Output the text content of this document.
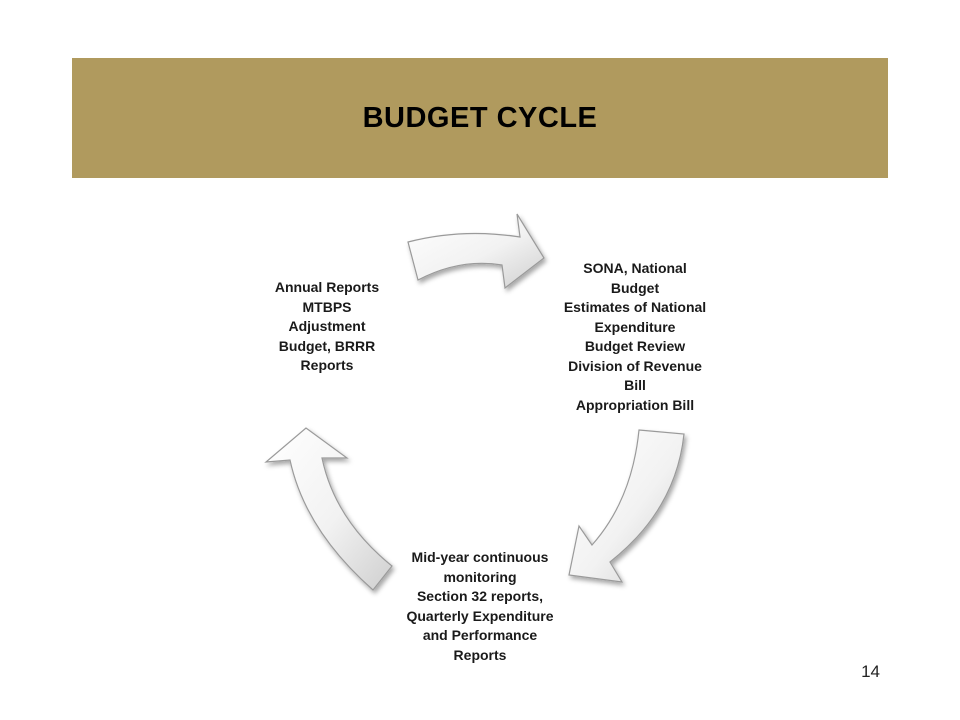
BUDGET CYCLE
Annual Reports
MTBPS
Adjustment
Budget, BRRR
Reports
SONA, National
Budget
Estimates of National
Expenditure
Budget Review
Division of Revenue
Bill
Appropriation Bill
Mid-year continuous
monitoring
Section 32 reports,
Quarterly Expenditure
and Performance
Reports
14
